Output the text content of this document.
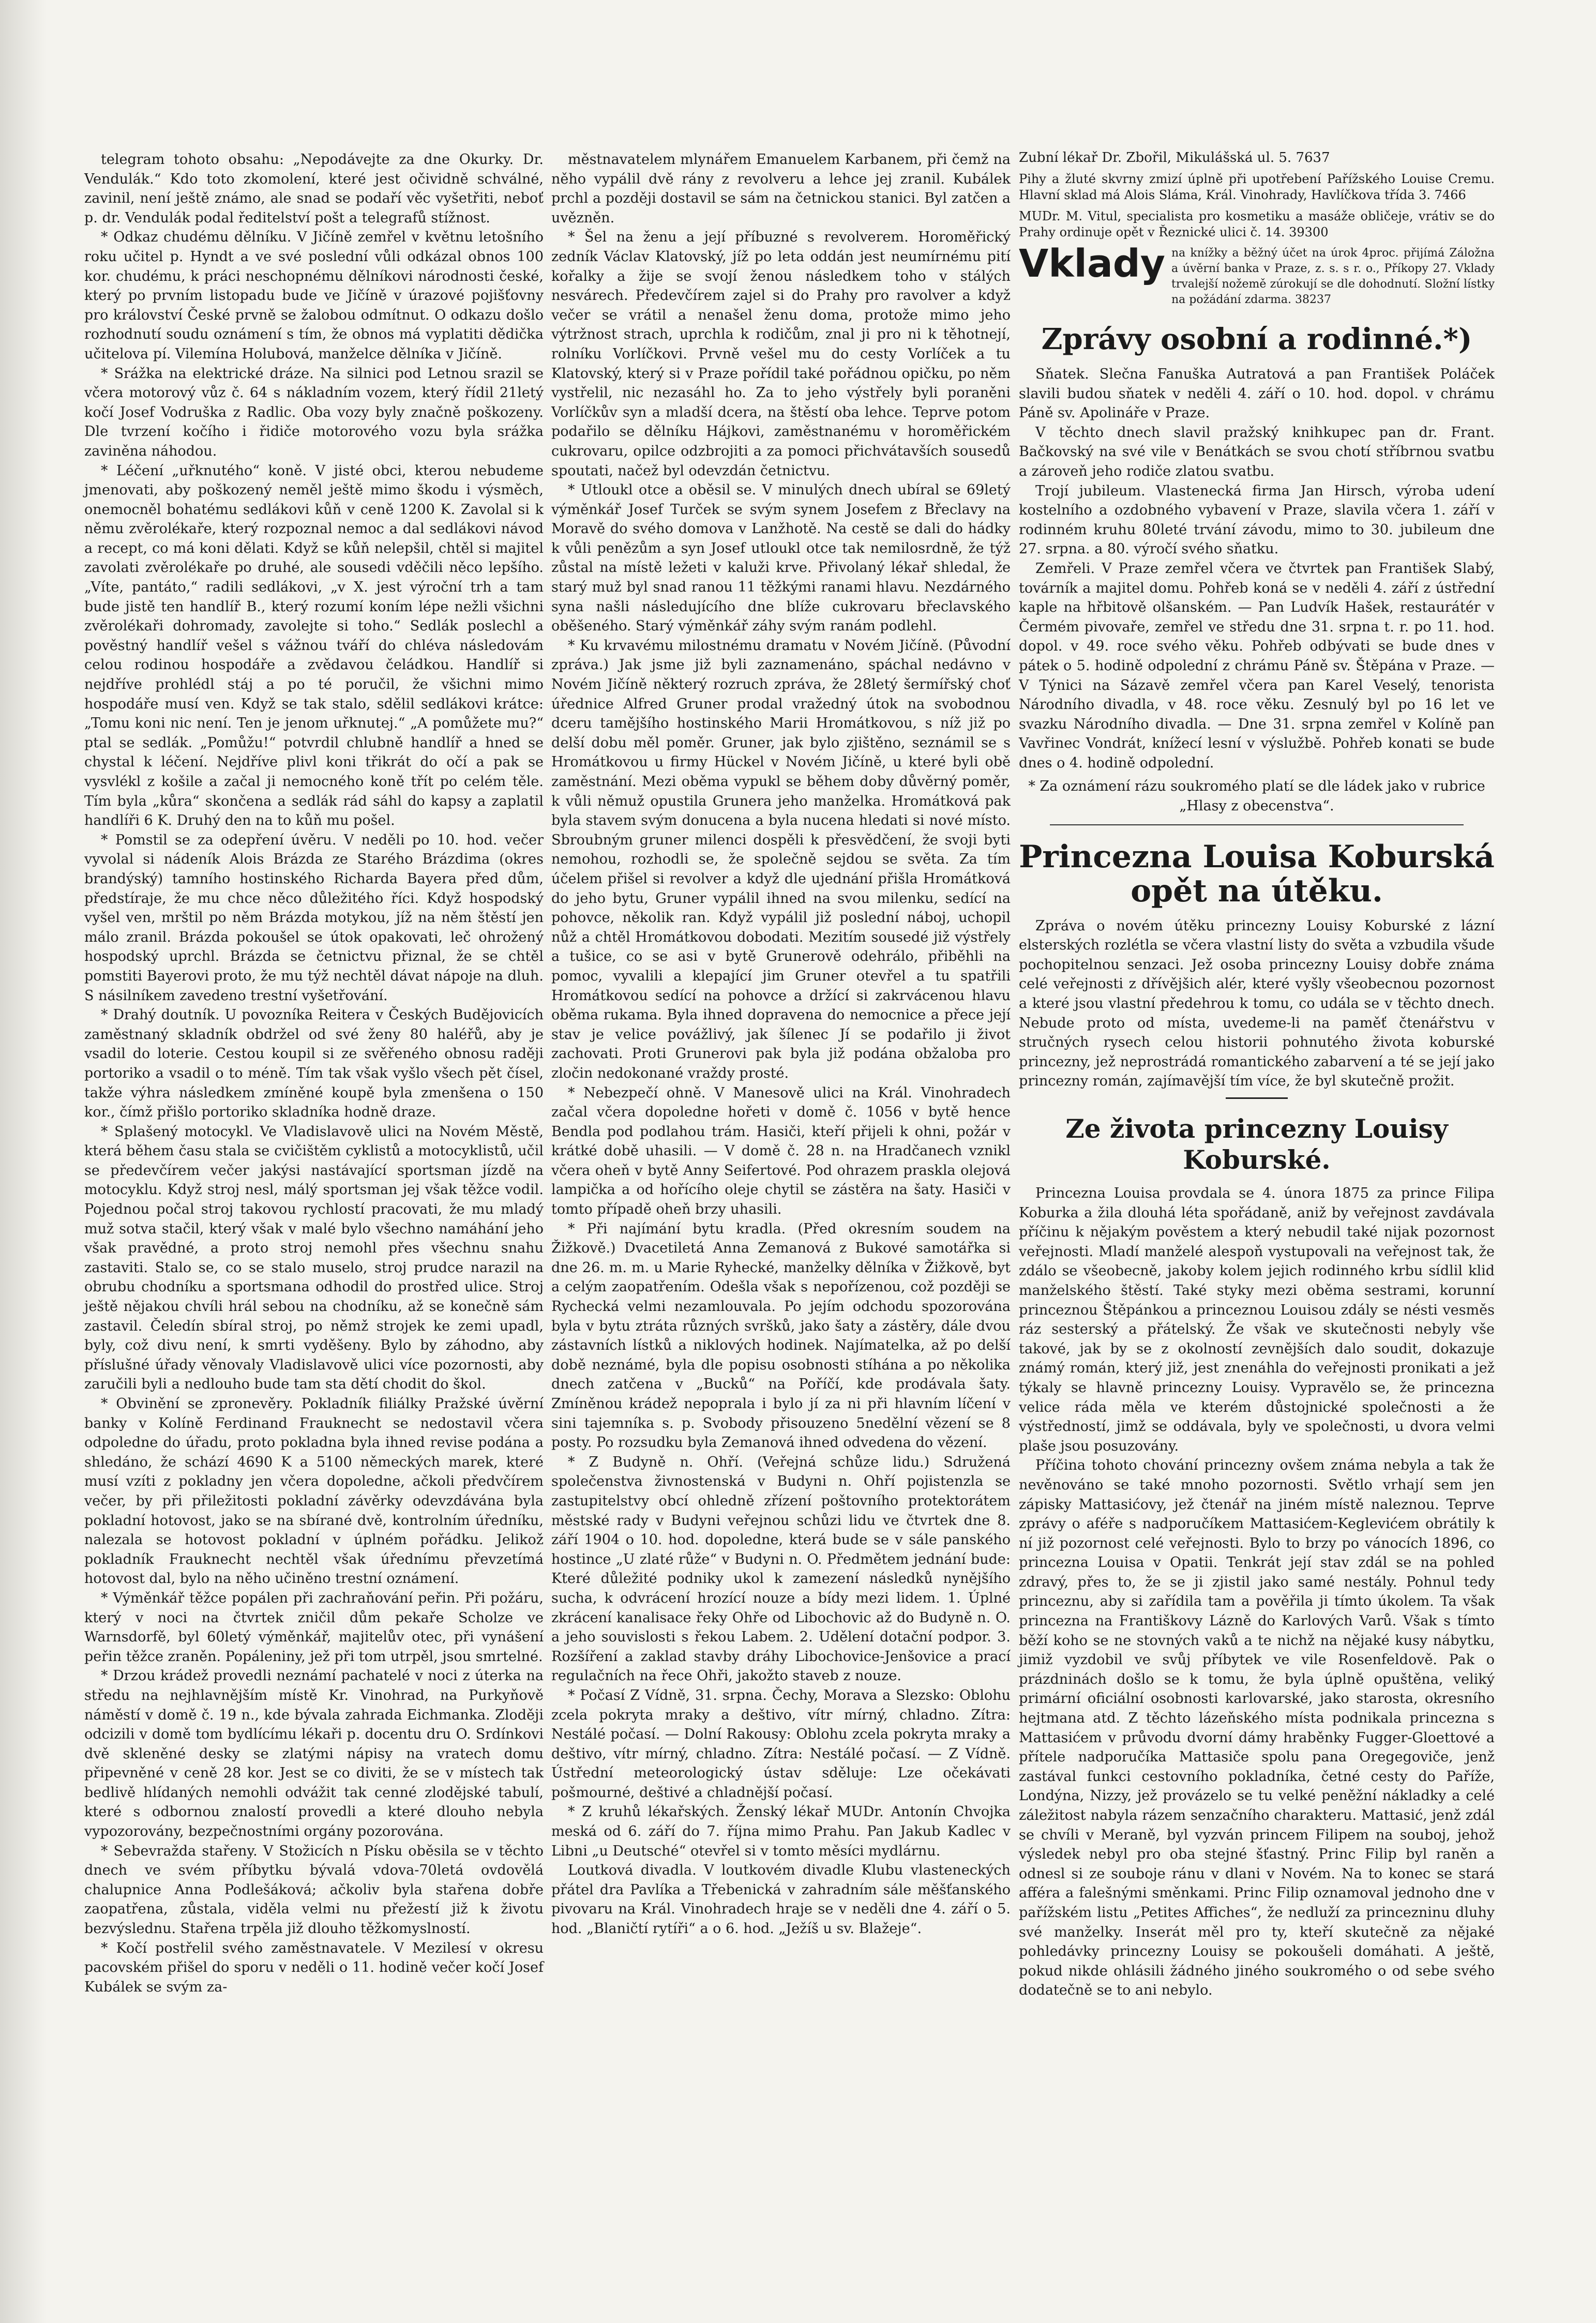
telegram tohoto obsahu: „Nepodávejte za dne Okurky. Dr. Vendulák.“ Kdo toto zkomolení, které jest očividně schválné, zavinil, není ještě známo, ale snad se podaří věc vyšetřiti, neboť p. dr. Vendulák podal ředitelství pošt a telegrafů stížnost.

* Odkaz chudému dělníku. V Jičíně zemřel v květnu letošního roku učitel p. Hyndt a ve své poslední vůli odkázal obnos 100 kor. chudému, k práci neschopnému dělníkovi národnosti české, který po prvním listopadu bude ve Jičíně v úrazové pojišťovny pro království České prvně se žalobou odmítnut. O odkazu došlo rozhodnutí soudu oznámení s tím, že obnos má vyplatiti dědička učitelova pí. Vilemína Holubová, manželce dělníka v Jičíně.

* Srážka na elektrické dráze. Na silnici pod Letnou srazil se včera motorový vůz č. 64 s nákladním vozem, který řídil 21letý kočí Josef Vodruška z Radlic. Oba vozy byly značně poškozeny. Dle tvrzení kočího i řidiče motorového vozu byla srážka zaviněna náhodou.

* Léčení „uřknutého“ koně. V jisté obci, kterou nebudeme jmenovati, aby poškozený neměl ještě mimo škodu i výsměch, onemocněl bohatému sedlákovi kůň v ceně 1200 K. Zavolal si k němu zvěrolékaře, který rozpoznal nemoc a dal sedlákovi návod a recept, co má koni dělati. Když se kůň nelepšil, chtěl si majitel zavolati zvěrolékaře po druhé, ale sousedi vděčili něco lepšího. „Víte, pantáto,“ radili sedlákovi, „v X. jest výroční trh a tam bude jistě ten handlíř B., který rozumí koním lépe nežli všichni zvěrolékaři dohromady, zavolejte si toho.“ Sedlák poslechl a pověstný handlíř vešel s vážnou tváří do chléva následovám celou rodinou hospodáře a zvědavou čeládkou. Handlíř si nejdříve prohlédl stáj a po té poručil, že všichni mimo hospodáře musí ven. Když se tak stalo, sdělil sedlákovi krátce: „Tomu koni nic není. Ten je jenom uřknutej.“ „A pomůžete mu?“ ptal se sedlák. „Pomůžu!“ potvrdil chlubně handlíř a hned se chystal k léčení. Nejdříve plivl koni třikrát do očí a pak se vysvlékl z košile a začal ji nemocného koně třít po celém těle. Tím byla „kůra“ skončena a sedlák rád sáhl do kapsy a zaplatil handlíři 6 K. Druhý den na to kůň mu pošel.

* Pomstil se za odepření úvěru. V neděli po 10. hod. večer vyvolal si nádeník Alois Brázda ze Starého Brázdima (okres brandýský) tamního hostinského Richarda Bayera před dům, předstíraje, že mu chce něco důležitého říci. Když hospodský vyšel ven, mrštil po něm Brázda motykou, jíž na něm štěstí jen málo zranil. Brázda pokoušel se útok opakovati, leč ohrožený hospodský uprchl. Brázda se četnictvu přiznal, že se chtěl pomstiti Bayerovi proto, že mu týž nechtěl dávat nápoje na dluh. S násilníkem zavedeno trestní vyšetřování.

* Drahý doutník. U povozníka Reitera v Českých Budějovicích zaměstnaný skladník obdržel od své ženy 80 haléřů, aby je vsadil do loterie. Cestou koupil si ze svěřeného obnosu raději portoriko a vsadil o to méně. Tím tak však vyšlo všech pět čísel, takže výhra následkem zmíněné koupě byla zmenšena o 150 kor., čímž přišlo portoriko skladníka hodně draze.

* Splašený motocykl. Ve Vladislavově ulici na Novém Městě, která během času stala se cvičištěm cyklistů a motocyklistů, učil se předevčírem večer jakýsi nastávající sportsman jízdě na motocyklu. Když stroj nesl, málý sportsman jej však těžce vodil. Pojednou počal stroj takovou rychlostí pracovati, že mu mladý muž sotva stačil, který však v malé bylo všechno namáhání jeho však pravědné, a proto stroj nemohl přes všechnu snahu zastaviti. Stalo se, co se stalo muselo, stroj prudce narazil na obrubu chodníku a sportsmana odhodil do prostřed ulice. Stroj ještě nějakou chvíli hrál sebou na chodníku, až se konečně sám zastavil. Čeledín sbíral stroj, po němž strojek ke zemi upadl, byly, což divu není, k smrti vyděšeny. Bylo by záhodno, aby příslušné úřady věnovaly Vladislavově ulici více pozornosti, aby zaručili byli a nedlouho bude tam sta dětí chodit do škol.

* Obvinění se zpronevěry. Pokladník filiálky Pražské úvěrní banky v Kolíně Ferdinand Frauknecht se nedostavil včera odpoledne do úřadu, proto pokladna byla ihned revise podána a shledáno, že schází 4690 K a 5100 německých marek, které musí vzíti z pokladny jen včera dopoledne, ačkoli předvčírem večer, by při přiležitosti pokladní závěrky odevzdávána byla pokladní hotovost, jako se na sbírané dvě, kontrolním úředníku, nalezala se hotovost pokladní v úplném pořádku. Jelikož pokladník Frauknecht nechtěl však úřednímu převzetímá hotovost dal, bylo na něho učiněno trestní oznámení.

* Výměnkář těžce popálen při zachraňování peřin. Při požáru, který v noci na čtvrtek zničil dům pekaře Scholze ve Warnsdorfě, byl 60letý výměnkář, majitelův otec, při vynášení peřin těžce zraněn. Popáleniny, jež při tom utrpěl, jsou smrtelné.

* Drzou krádež provedli neznámí pachatelé v noci z úterka na středu na nejhlavnějším místě Kr. Vinohrad, na Purkyňově náměstí v domě č. 19 n., kde bývala zahrada Eichmanka. Zloději odcizili v domě tom bydlícímu lékaři p. docentu dru O. Srdínkovi dvě skleněné desky se zlatými nápisy na vratech domu připevněné v ceně 28 kor. Jest se co diviti, že se v místech tak bedlivě hlídaných nemohli odvážit tak cenné zlodějské tabulí, které s odbornou znalostí provedli a které dlouho nebyla vypozorovány, bezpečnostními orgány pozorována.

* Sebevražda stařeny. V Stožicích n Písku oběsila se v těchto dnech ve svém příbytku bývalá vdova-70letá ovdovělá chalupnice Anna Podlešáková; ačkoliv byla stařena dobře zaopatřena, zůstala, viděla velmi nu přežestí již k životu bezvýslednu. Stařena trpěla již dlouho těžkomyslností.

* Kočí postřelil svého zaměstnavatele. V Mezilesí v okresu pacovském přišel do sporu v neděli o 11. hodině večer kočí Josef Kubálek se svým za-

městnavatelem mlynářem Emanuelem Karbanem, při čemž na něho vypálil dvě rány z revolveru a lehce jej zranil. Kubálek prchl a později dostavil se sám na četnickou stanici. Byl zatčen a uvězněn.

* Šel na ženu a její příbuzné s revolverem. Horoměřický zedník Václav Klatovský, jíž po leta oddán jest neumírnému pití kořalky a žije se svojí ženou následkem toho v stálých nesvárech. Předevčírem zajel si do Prahy pro ravolver a když večer se vrátil a nenašel ženu doma, protože mimo jeho výtržnost strach, uprchla k rodičům, znal ji pro ni k těhotnejí, rolníku Vorlíčkovi. Prvně vešel mu do cesty Vorlíček a tu Klatovský, který si v Praze pořídil také pořádnou opičku, po něm vystřelil, nic nezasáhl ho. Za to jeho výstřely byli poraněni Vorlíčkův syn a mladší dcera, na štěstí oba lehce. Teprve potom podařilo se dělníku Hájkovi, zaměstnanému v horoměřickém cukrovaru, opilce odzbrojiti a za pomoci přichvátavších sousedů spoutati, načež byl odevzdán četnictvu.

* Utloukl otce a oběsil se. V minulých dnech ubíral se 69letý výměnkář Josef Turček se svým synem Josefem z Břeclavy na Moravě do svého domova v Lanžhotě. Na cestě se dali do hádky k vůli penězům a syn Josef utloukl otce tak nemilosrdně, že týž zůstal na místě ležeti v kaluži krve. Přivolaný lékař shledal, že starý muž byl snad ranou 11 těžkými ranami hlavu. Nezdárného syna našli následujícího dne blíže cukrovaru břeclavského oběšeného. Starý výměnkář záhy svým ranám podlehl.

* Ku krvavému milostnému dramatu v Novém Jičíně. (Původní zpráva.) Jak jsme již byli zaznamenáno, spáchal nedávno v Novém Jičíně některý rozruch zpráva, že 28letý šermířský choť úřednice Alfred Gruner prodal vražedný útok na svobodnou dceru tamějšího hostinského Marii Hromátkovou, s níž již po delší dobu měl poměr. Gruner, jak bylo zjištěno, seznámil se s Hromátkovou u firmy Hückel v Novém Jičíně, u které byli obě zaměstnání. Mezi oběma vypukl se během doby důvěrný poměr, k vůli němuž opustila Grunera jeho manželka. Hromátková pak byla stavem svým donucena a byla nucena hledati si nové místo. Sbroubným gruner milenci dospěli k přesvědčení, že svoji byti nemohou, rozhodli se, že společně sejdou se světa. Za tím účelem přišel si revolver a když dle ujednání přišla Hromátková do jeho bytu, Gruner vypálil ihned na svou milenku, sedící na pohovce, několik ran. Když vypálil již poslední náboj, uchopil nůž a chtěl Hromátkovou dobodati. Mezitím sousedé již výstřely a tušice, co se asi v bytě Grunerově odehrálo, přiběhli na pomoc, vyvalili a klepající jim Gruner otevřel a tu spatřili Hromátkovou sedící na pohovce a držící si zakrvácenou hlavu oběma rukama. Byla ihned dopravena do nemocnice a přece její stav je velice povážlivý, jak šílenec Jí se podařilo ji život zachovati. Proti Grunerovi pak byla již podána obžaloba pro zločin nedokonané vraždy prosté.

* Nebezpečí ohně. V Manesově ulici na Král. Vinohradech začal včera dopoledne hořeti v domě č. 1056 v bytě hence Bendla pod podlahou trám. Hasiči, kteří přijeli k ohni, požár v krátké době uhasili. — V domě č. 28 n. na Hradčanech vznikl včera oheň v bytě Anny Seifertové. Pod ohrazem praskla olejová lampička a od hořícího oleje chytil se zástěra na šaty. Hasiči v tomto případě oheň brzy uhasili.

* Při najímání bytu kradla. (Před okresním soudem na Žižkově.) Dvacetiletá Anna Zemanová z Bukové samotářka si dne 26. m. m. u Marie Ryhecké, manželky dělníka v Žižkově, byt a celým zaopatřením. Odešla však s nepořízenou, což později se Rychecká velmi nezamlouvala. Po jejím odchodu spozorována byla v bytu ztráta různých svršků, jako šaty a zástěry, dále dvou zástavních lístků a niklových hodinek. Najímatelka, až po delší době neznámé, byla dle popisu osobnosti stíhána a po několika dnech zatčena v „Bucků“ na Poříčí, kde prodávala šaty. Zmíněnou krádež nepoprala i bylo jí za ni při hlavním líčení v sini tajemníka s. p. Svobody přisouzeno 5nedělní vězení se 8 posty. Po rozsudku byla Zemanová ihned odvedena do vězení.

* Z Budyně n. Ohří. (Veřejná schůze lidu.) Sdružená společenstva živnostenská v Budyni n. Ohří pojistenzla se zastupitelstvy obcí ohledně zřízení poštovního protektorátem městské rady v Budyni veřejnou schůzi lidu ve čtvrtek dne 8. září 1904 o 10. hod. dopoledne, která bude se v sále panského hostince „U zlaté růže“ v Budyni n. O. Předmětem jednání bude: Které důležité podniky ukol k zamezení následků nynějšího sucha, k odvrácení hrozící nouze a bídy mezi lidem. 1. Úplné zkrácení kanalisace řeky Ohře od Libochovic až do Budyně n. O. a jeho souvislosti s řekou Labem. 2. Udělení dotační podpor. 3. Rozšíření a zaklad stavby dráhy Libochovice-Jenšovice a prací regulačních na řece Ohři, jakožto staveb z nouze.

* Počasí Z Vídně, 31. srpna. Čechy, Morava a Slezsko: Oblohu zcela pokryta mraky a deštivo, vítr mírný, chladno. Zítra: Nestálé počasí. — Dolní Rakousy: Oblohu zcela pokryta mraky a deštivo, vítr mírný, chladno. Zítra: Nestálé počasí. — Z Vídně. Ústřední meteorologický ústav sděluje: Lze očekávati pošmourné, deštivé a chladnější počasí.

* Z kruhů lékařských. Ženský lékař MUDr. Antonín Chvojka meská od 6. září do 7. října mimo Prahu. Pan Jakub Kadlec v Libni „u Deutsché“ otevřel si v tomto měsíci mydlárnu.

Loutková divadla. V loutkovém divadle Klubu vlasteneckých přátel dra Pavlíka a Třebenická v zahradním sále měšťanského pivovaru na Král. Vinohradech hraje se v neděli dne 4. září o 5. hod. „Blaničtí rytíři“ a o 6. hod. „Ježíš u sv. Blažeje“.

Zubní lékař Dr. Zbořil, Mikulášská ul. 5. 7637
Pihy a žluté skvrny zmizí úplně při upotřebení Pařížského Louise Cremu. Hlavní sklad má Alois Sláma, Král. Vinohrady, Havlíčkova třída 3. 7466
MUDr. M. Vitul, specialista pro kosmetiku a masáže obličeje, vrátiv se do Prahy ordinuje opět v Řeznické ulici č. 14. 39300
Vklady na knížky a běžný účet na úrok 4proc. přijímá Záložna a úvěrní banka v Praze, z. s. s r. o., Příkopy 27. Vklady trvalejší nožemě zúrokují se dle dohodnutí. Složní lístky na požádání zdarma. 38237
Zprávy osobní a rodinné.*)

Sňatek. Slečna Fanuška Autratová a pan František Poláček slavili budou sňatek v neděli 4. září o 10. hod. dopol. v chrámu Páně sv. Apolináře v Praze.

V těchto dnech slavil pražský knihkupec pan dr. Frant. Bačkovský na své vile v Benátkách se svou chotí stříbrnou svatbu a zároveň jeho rodiče zlatou svatbu.

Trojí jubileum. Vlastenecká firma Jan Hirsch, výroba udení kostelního a ozdobného vybavení v Praze, slavila včera 1. září v rodinném kruhu 80leté trvání závodu, mimo to 30. jubileum dne 27. srpna. a 80. výročí svého sňatku.

Zemřeli. V Praze zemřel včera ve čtvrtek pan František Slabý, továrník a majitel domu. Pohřeb koná se v neděli 4. září z ústřední kaple na hřbitově olšanském. — Pan Ludvík Hašek, restaurátér v Čermém pivovaře, zemřel ve středu dne 31. srpna t. r. po 11. hod. dopol. v 49. roce svého věku. Pohřeb odbývati se bude dnes v pátek o 5. hodině odpolední z chrámu Páně sv. Štěpána v Praze. — V Týnici na Sázavě zemřel včera pan Karel Veselý, tenorista Národního divadla, v 48. roce věku. Zesnulý byl po 16 let ve svazku Národního divadla. — Dne 31. srpna zemřel v Kolíně pan Vavřinec Vondrát, knížecí lesní v výslužbě. Pohřeb konati se bude dnes o 4. hodině odpolední.

* Za oznámení rázu soukromého platí se dle ládek jako v rubrice „Hlasy z obecenstva“.
Princezna Louisa Koburská opět na útěku.

Zpráva o novém útěku princezny Louisy Koburské z lázní elsterských rozlétla se včera vlastní listy do světa a vzbudila všude pochopitelnou senzaci. Jež osoba princezny Louisy dobře známa celé veřejnosti z dřívějšich alér, které vyšly všeobecnou pozornost a které jsou vlastní předehrou k tomu, co udála se v těchto dnech. Nebude proto od místa, uvedeme-li na paměť čtenářstvu v stručných rysech celou historii pohnutého života koburské princezny, jež neprostrádá romantického zabarvení a té se její jako princezny román, zajímavější tím více, že byl skutečně prožit.

Ze života princezny Louisy Koburské.

Princezna Louisa provdala se 4. února 1875 za prince Filipa Koburka a žila dlouhá léta spořádaně, aniž by veřejnost zavdávala příčinu k nějakým pověstem a který nebudil také nijak pozornost veřejnosti. Mladí manželé alespoň vystupovali na veřejnost tak, že zdálo se všeobecně, jakoby kolem jejich rodinného krbu sídlil klid manželského štěstí. Také styky mezi oběma sestrami, korunní princeznou Štěpánkou a princeznou Louisou zdály se nésti vesměs ráz sesterský a přátelský. Že však ve skutečnosti nebyly vše takové, jak by se z okolností zevnějších dalo soudit, dokazuje známý román, který již, jest znenáhla do veřejnosti pronikati a jež týkaly se hlavně princezny Louisy. Vypravělo se, že princezna velice ráda měla ve kterém důstojnické společnosti a že výstředností, jimž se oddávala, byly ve společnosti, u dvora velmi plaše jsou posuzovány.

Příčina tohoto chování princezny ovšem známa nebyla a tak že nevěnováno se také mnoho pozornosti. Světlo vrhají sem jen zápisky Mattasićovy, jež čtenář na jiném místě naleznou. Teprve zprávy o aféře s nadporučíkem Mattasićem-Keglevićem obrátily k ní již pozornost celé veřejnosti. Bylo to brzy po vánocích 1896, co princezna Louisa v Opatii. Tenkrát její stav zdál se na pohled zdravý, přes to, že se ji zjistil jako samé nestály. Pohnul tedy princeznu, aby si zařídila tam a pověřila ji tímto úkolem. Ta však princezna na Františkovy Lázně do Karlových Varů. Však s tímto běží koho se ne stovných vaků a te nichž na nějaké kusy nábytku, jimiž vyzdobil ve svůj příbytek ve vile Rosenfeldově. Pak o prázdninách došlo se k tomu, že byla úplně opuštěna, veliký primární oficiální osobnosti karlovarské, jako starosta, okresního hejtmana atd. Z těchto lázeňského místa podnikala princezna s Mattasićem v průvodu dvorní dámy hraběnky Fugger-Gloettové a přítele nadporučíka Mattasiče spolu pana Oregegoviče, jenž zastával funkci cestovního pokladníka, četné cesty do Paříže, Londýna, Nizzy, jež provázelo se tu velké peněžní nákladky a celé záležitost nabyla rázem senzačního charakteru. Mattasić, jenž zdál se chvíli v Meraně, byl vyzván princem Filipem na souboj, jehož výsledek nebyl pro oba stejné šťastný. Princ Filip byl raněn a odnesl si ze souboje ránu v dlani v Novém. Na to konec se stará afféra a falešnými směnkami. Princ Filip oznamoval jednoho dne v pařížském listu „Petites Affiches“, že nedluží za princezninu dluhy své manželky. Inserát měl pro ty, kteří skutečně za nějaké pohledávky princezny Louisy se pokoušeli domáhati. A ještě, pokud nikde ohlásili žádného jiného soukromého o od sebe svého dodatečně se to ani nebylo.
